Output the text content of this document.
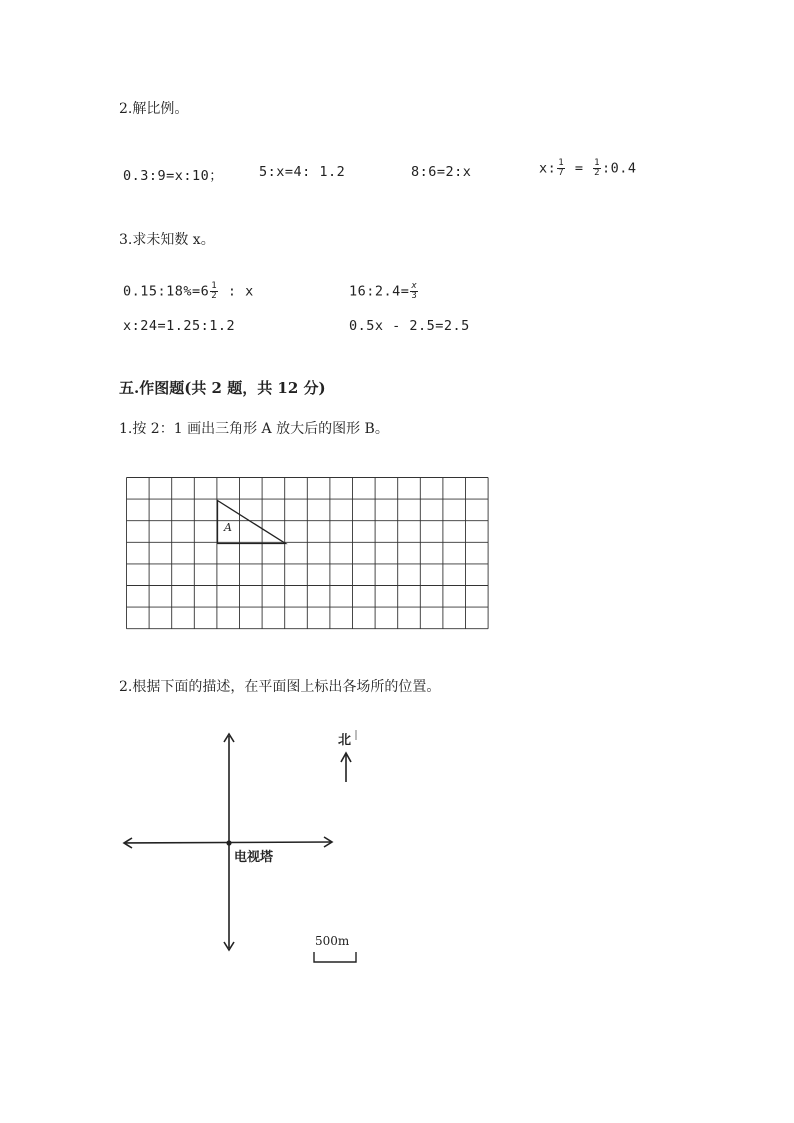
2.解比例。
0.3:9=x:10；	5:x=4: 1.2	8:6=2:x	x: $\frac{1}{7} = \frac{1}{2}$ :0.4
3.求未知数 x。
0.15:18%=6 $\frac{1}{2}$ : x	16:2.4= $\frac{x}{3}$
x:24=1.25:1.2	0.5x - 2.5=2.5
五.作图题(共 2 题，共 12 分)
1.按 2：1 画出三角形 A 放大后的图形 B。
A
2.根据下面的描述，在平面图上标出各场所的位置。
电视塔
北
500m
